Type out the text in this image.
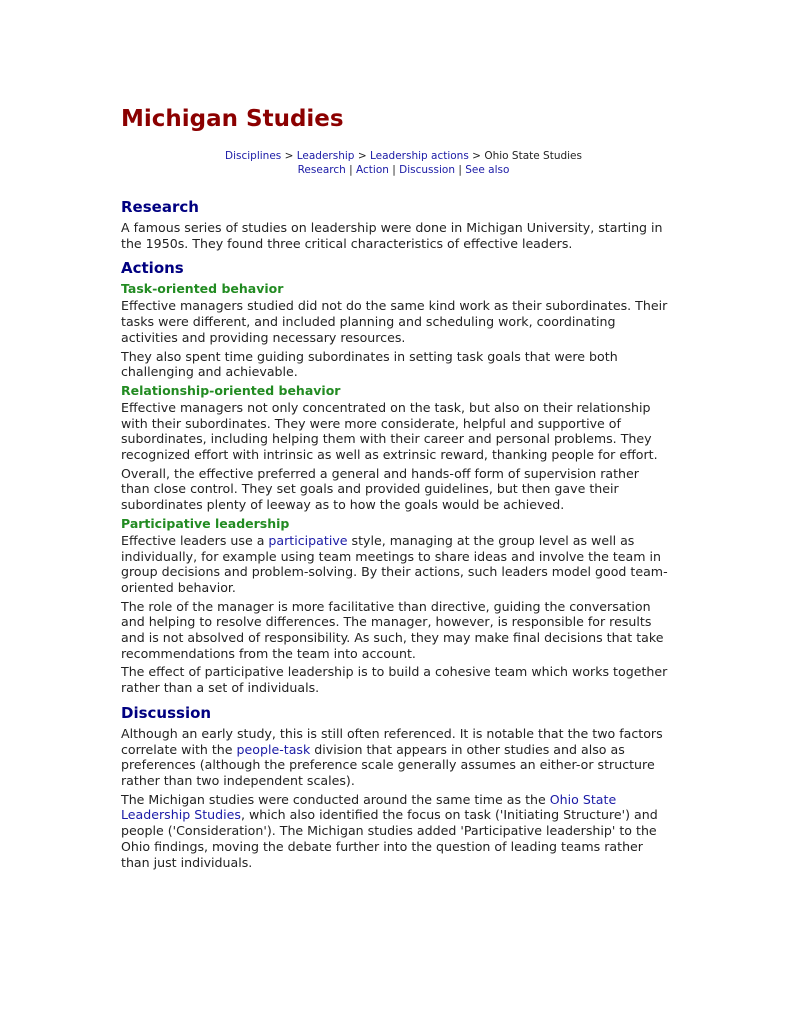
Michigan Studies
Disciplines > Leadership > Leadership actions > Ohio State Studies
Research | Action | Discussion | See also
Research

A famous series of studies on leadership were done in Michigan University, starting in the 1950s. They found three critical characteristics of effective leaders.

Actions
Task-oriented behavior

Effective managers studied did not do the same kind work as their subordinates. Their tasks were different, and included planning and scheduling work, coordinating activities and providing necessary resources.

They also spent time guiding subordinates in setting task goals that were both challenging and achievable.

Relationship-oriented behavior

Effective managers not only concentrated on the task, but also on their relationship with their subordinates. They were more considerate, helpful and supportive of subordinates, including helping them with their career and personal problems. They recognized effort with intrinsic as well as extrinsic reward, thanking people for effort.

Overall, the effective preferred a general and hands-off form of supervision rather than close control. They set goals and provided guidelines, but then gave their subordinates plenty of leeway as to how the goals would be achieved.

Participative leadership

Effective leaders use a participative style, managing at the group level as well as individually, for example using team meetings to share ideas and involve the team in group decisions and problem-solving. By their actions, such leaders model good team-oriented behavior.

The role of the manager is more facilitative than directive, guiding the conversation and helping to resolve differences. The manager, however, is responsible for results and is not absolved of responsibility. As such, they may make final decisions that take recommendations from the team into account.

The effect of participative leadership is to build a cohesive team which works together rather than a set of individuals.

Discussion

Although an early study, this is still often referenced. It is notable that the two factors correlate with the people-task division that appears in other studies and also as preferences (although the preference scale generally assumes an either-or structure rather than two independent scales).

The Michigan studies were conducted around the same time as the Ohio State Leadership Studies, which also identified the focus on task ('Initiating Structure') and people ('Consideration'). The Michigan studies added 'Participative leadership' to the Ohio findings, moving the debate further into the question of leading teams rather than just individuals.
